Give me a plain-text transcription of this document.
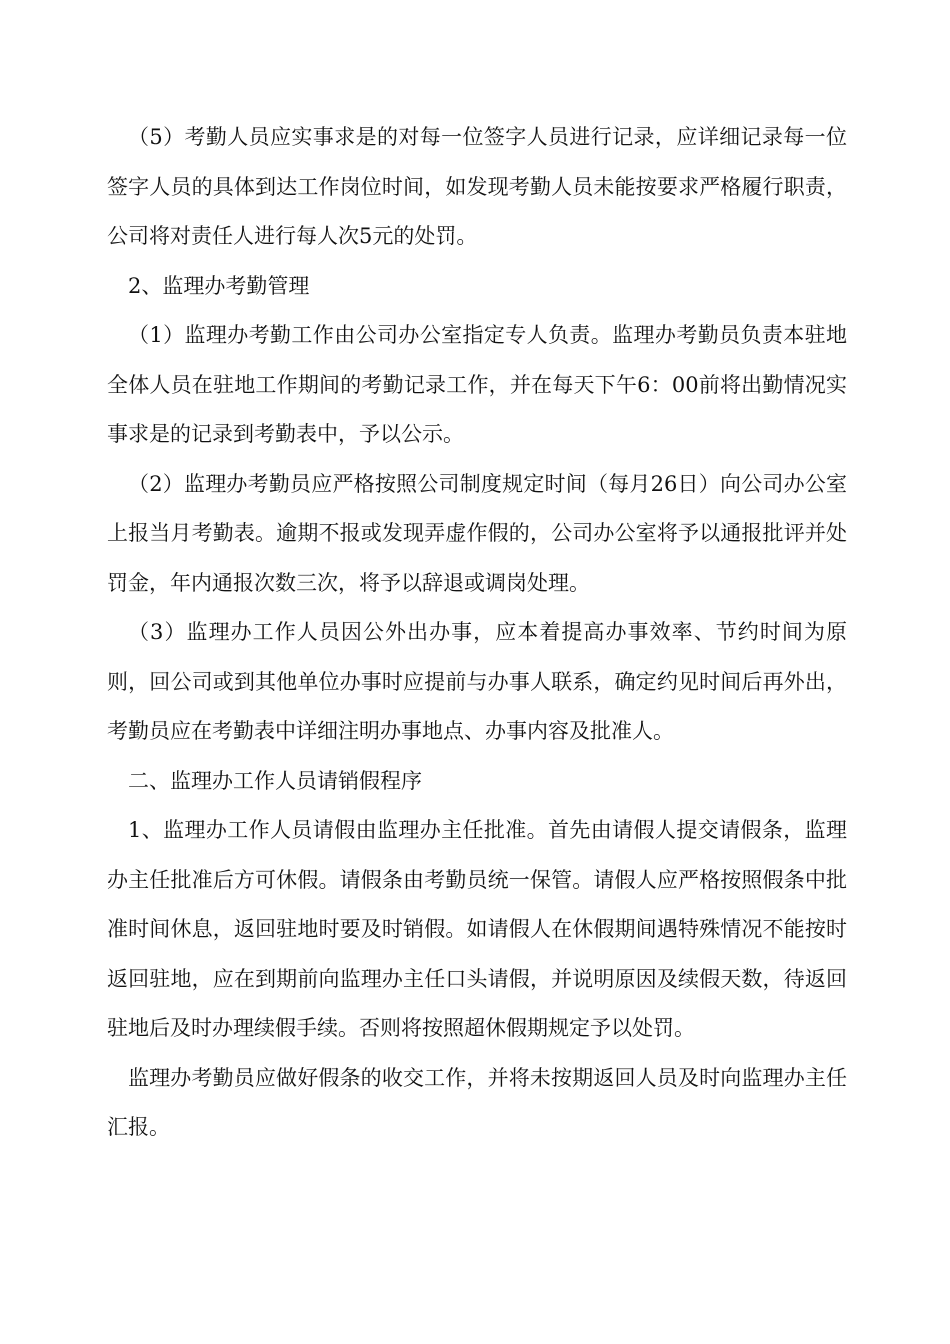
（5）考勤人员应实事求是的对每一位签字人员进行记录，应详细记录每一位签字人员的具体到达工作岗位时间，如发现考勤人员未能按要求严格履行职责，公司将对责任人进行每人次5元的处罚。

2、监理办考勤管理

（1）监理办考勤工作由公司办公室指定专人负责。监理办考勤员负责本驻地全体人员在驻地工作期间的考勤记录工作，并在每天下午6：00前将出勤情况实事求是的记录到考勤表中，予以公示。

（2）监理办考勤员应严格按照公司制度规定时间（每月26日）向公司办公室上报当月考勤表。逾期不报或发现弄虚作假的，公司办公室将予以通报批评并处罚金，年内通报次数三次，将予以辞退或调岗处理。

（3）监理办工作人员因公外出办事，应本着提高办事效率、节约时间为原则，回公司或到其他单位办事时应提前与办事人联系，确定约见时间后再外出，考勤员应在考勤表中详细注明办事地点、办事内容及批准人。

二、监理办工作人员请销假程序

1、监理办工作人员请假由监理办主任批准。首先由请假人提交请假条，监理办主任批准后方可休假。请假条由考勤员统一保管。请假人应严格按照假条中批准时间休息，返回驻地时要及时销假。如请假人在休假期间遇特殊情况不能按时返回驻地，应在到期前向监理办主任口头请假，并说明原因及续假天数，待返回驻地后及时办理续假手续。否则将按照超休假期规定予以处罚。

监理办考勤员应做好假条的收交工作，并将未按期返回人员及时向监理办主任汇报。
